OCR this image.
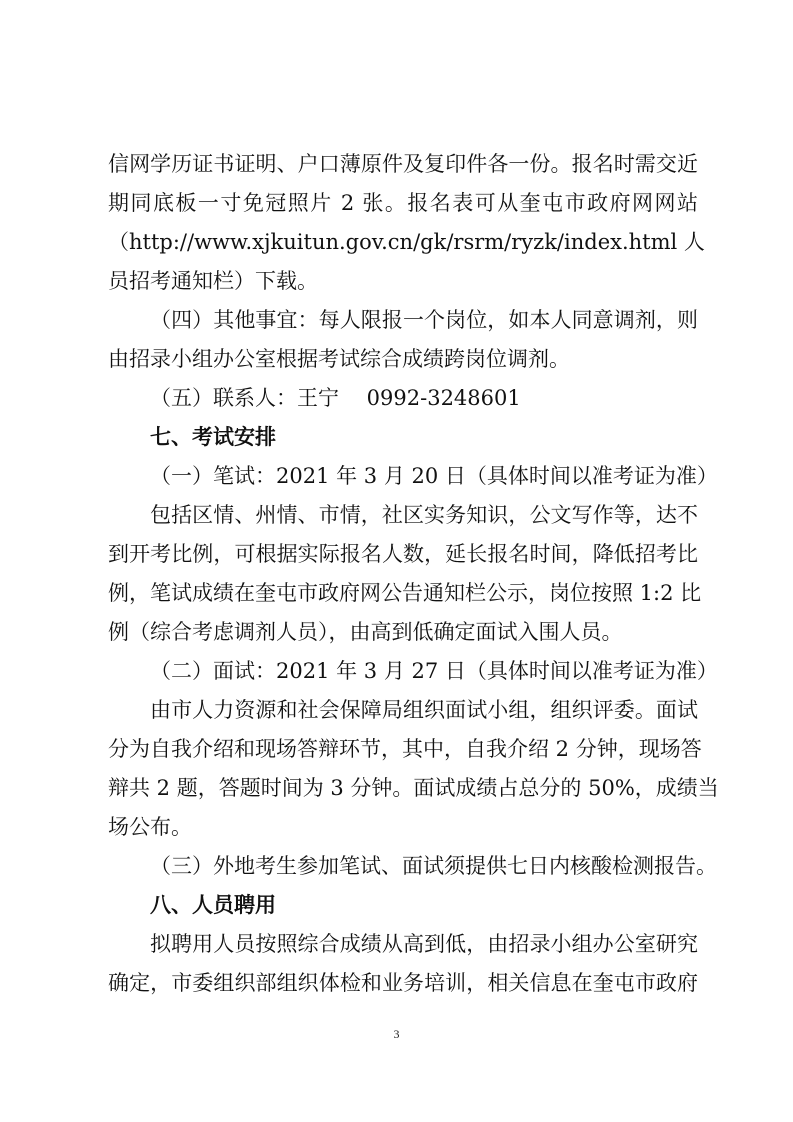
信网学历证书证明、户口薄原件及复印件各一份。报名时需交近
期同底板一寸免冠照片 2 张。报名表可从奎屯市政府网网站
（http://www.xjkuitun.gov.cn/gk/rsrm/ryzk/index.html 人
员招考通知栏）下载。
（四）其他事宜：每人限报一个岗位，如本人同意调剂，则
由招录小组办公室根据考试综合成绩跨岗位调剂。
（五）联系人：王宁　 0992-3248601
七、考试安排
（一）笔试：2021 年 3 月 20 日（具体时间以准考证为准）
包括区情、州情、市情，社区实务知识，公文写作等，达不
到开考比例，可根据实际报名人数，延长报名时间，降低招考比
例，笔试成绩在奎屯市政府网公告通知栏公示，岗位按照 1:2 比
例（综合考虑调剂人员），由高到低确定面试入围人员。
（二）面试：2021 年 3 月 27 日（具体时间以准考证为准）
由市人力资源和社会保障局组织面试小组，组织评委。面试
分为自我介绍和现场答辩环节，其中，自我介绍 2 分钟，现场答
辩共 2 题，答题时间为 3 分钟。面试成绩占总分的 50%，成绩当
场公布。
（三）外地考生参加笔试、面试须提供七日内核酸检测报告。
八、人员聘用
拟聘用人员按照综合成绩从高到低，由招录小组办公室研究
确定，市委组织部组织体检和业务培训，相关信息在奎屯市政府
3
